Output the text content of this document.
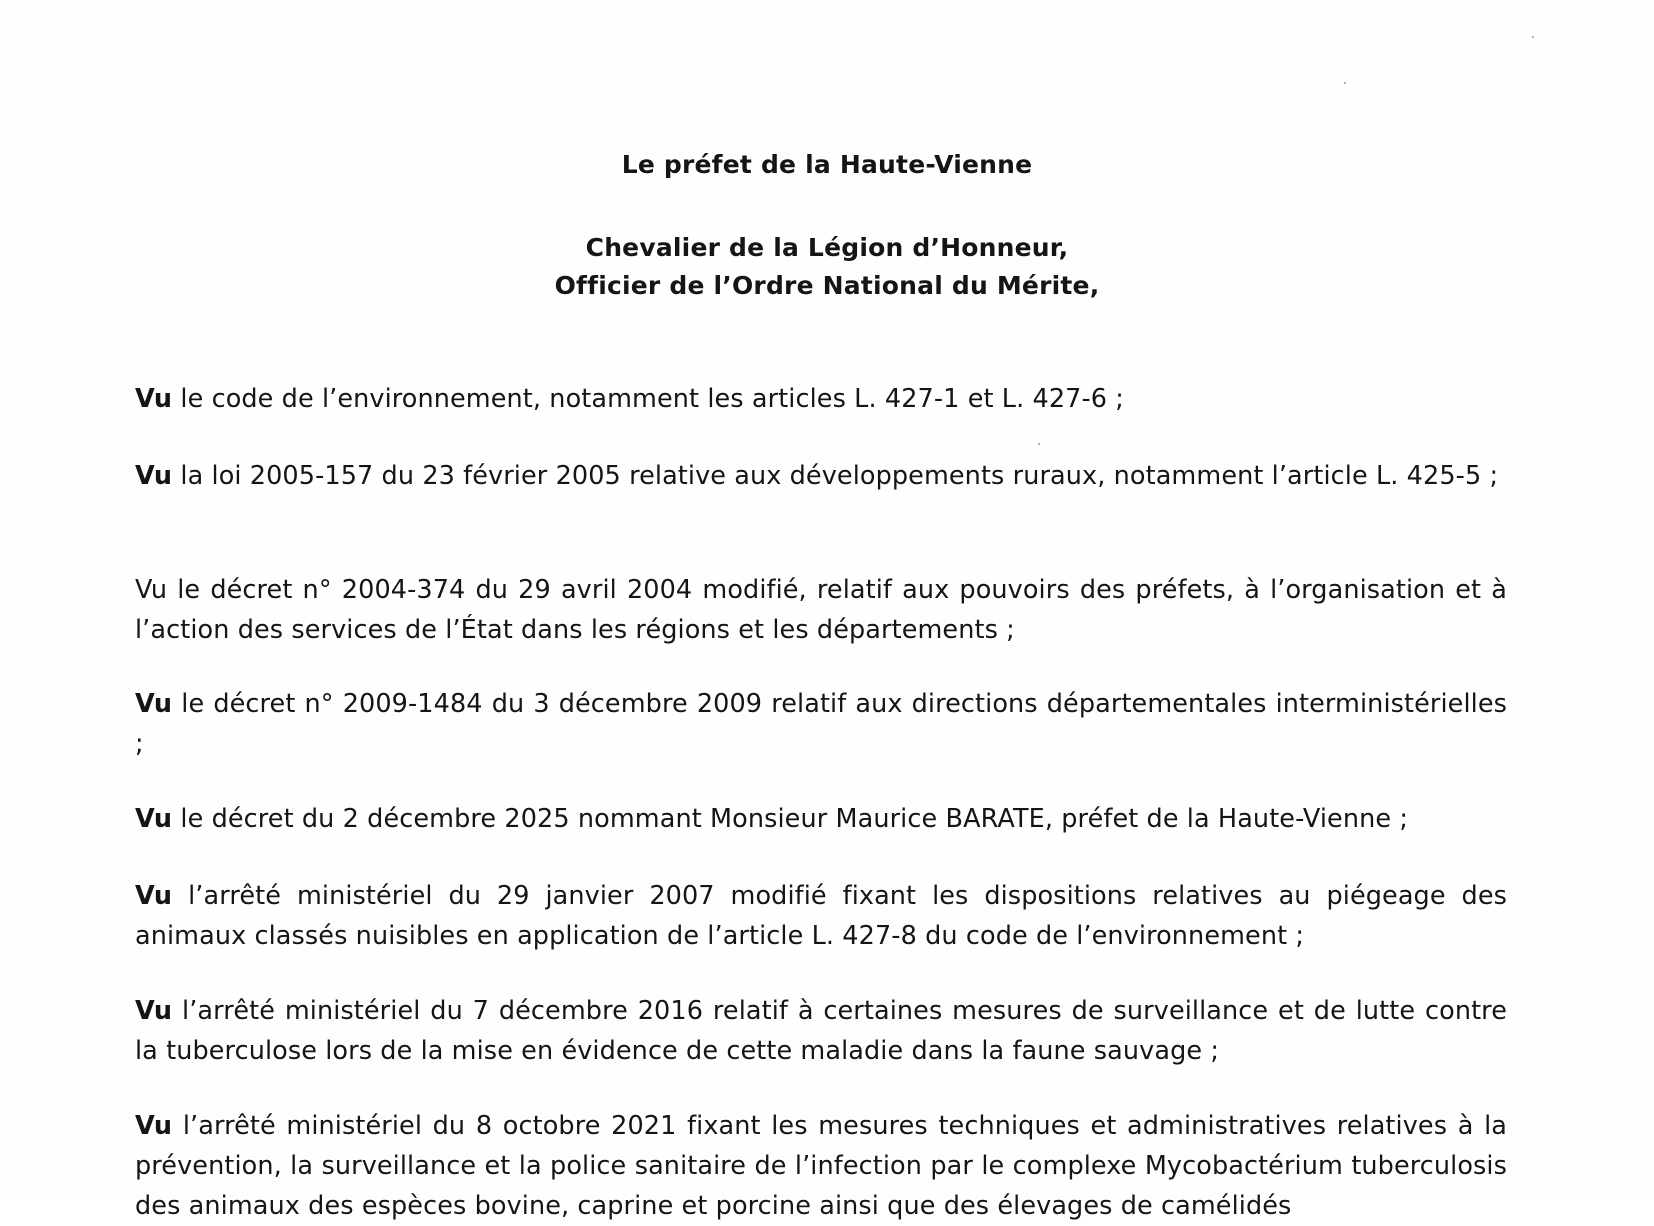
Le préfet de la Haute-Vienne
Chevalier de la Légion d’Honneur,
Officier de l’Ordre National du Mérite,

Vu le code de l’environnement, notamment les articles L. 427-1 et L. 427-6 ;

Vu la loi 2005-157 du 23 février 2005 relative aux développements ruraux, notamment l’article L. 425-5 ;

Vu le décret n° 2004-374 du 29 avril 2004 modifié, relatif aux pouvoirs des préfets, à l’organisation et à l’action des services de l’État dans les régions et les départements ;

Vu le décret n° 2009-1484 du 3 décembre 2009 relatif aux directions départementales interministérielles ;

Vu le décret du 2 décembre 2025 nommant Monsieur Maurice BARATE, préfet de la Haute-Vienne ;

Vu l’arrêté ministériel du 29 janvier 2007 modifié fixant les dispositions relatives au piégeage des animaux classés nuisibles en application de l’article L. 427-8 du code de l’environnement ;

Vu l’arrêté ministériel du 7 décembre 2016 relatif à certaines mesures de surveillance et de lutte contre la tuberculose lors de la mise en évidence de cette maladie dans la faune sauvage ;

Vu l’arrêté ministériel du 8 octobre 2021 fixant les mesures techniques et administratives relatives à la prévention, la surveillance et la police sanitaire de l’infection par le complexe Mycobactérium tuberculosis des animaux des espèces bovine, caprine et porcine ainsi que des élevages de camélidés
